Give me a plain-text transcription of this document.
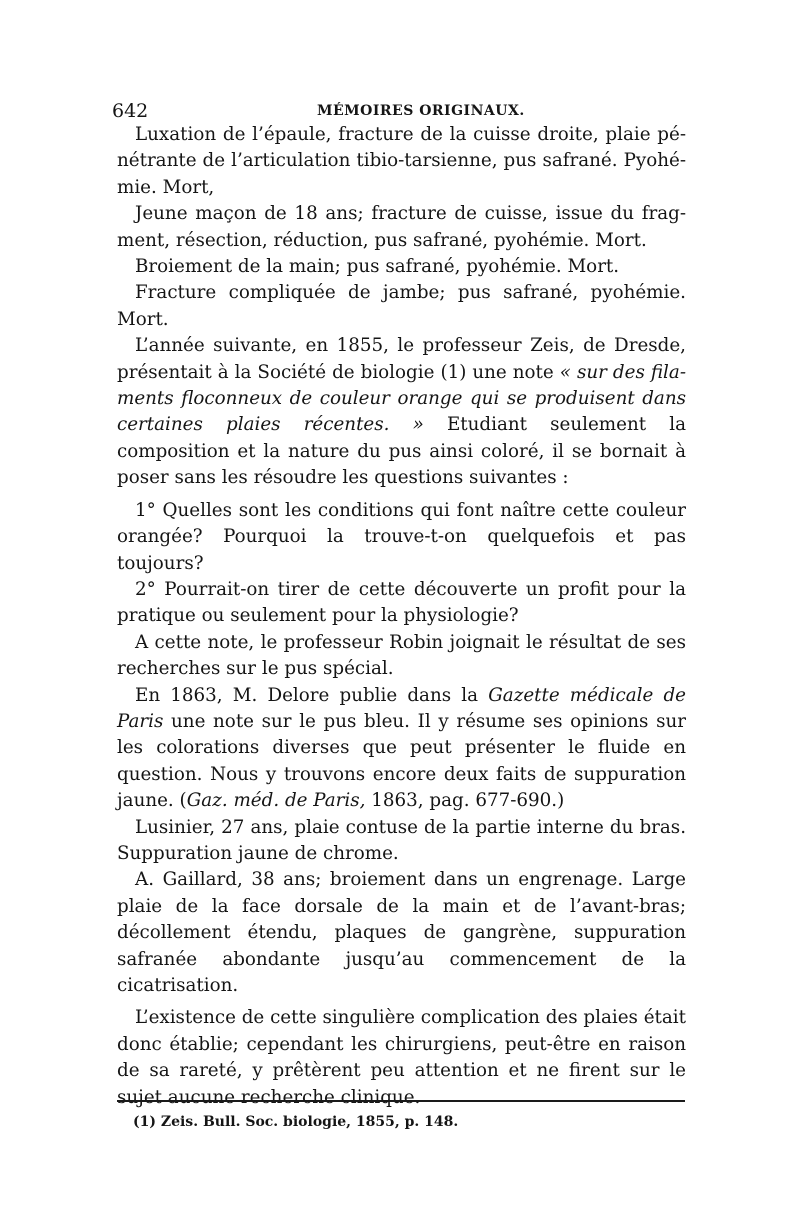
642	MÉMOIRES ORIGINAUX.

Luxation de l’épaule, fracture de la cuisse droite, plaie pénétrante de l’articulation tibio-tarsienne, pus safrané. Pyohémie. Mort,

Jeune maçon de 18 ans; fracture de cuisse, issue du fragment, résection, réduction, pus safrané, pyohémie. Mort.

Broiement de la main; pus safrané, pyohémie. Mort.

Fracture compliquée de jambe; pus safrané, pyohémie. Mort.

L’année suivante, en 1855, le professeur Zeis, de Dresde, présentait à la Société de biologie (1) une note « sur des filaments floconneux de couleur orange qui se produisent dans certaines plaies récentes. » Etudiant seulement la composition et la nature du pus ainsi coloré, il se bornait à poser sans les résoudre les questions suivantes :

1° Quelles sont les conditions qui font naître cette couleur orangée? Pourquoi la trouve-t-on quelquefois et pas toujours?

2° Pourrait-on tirer de cette découverte un profit pour la pratique ou seulement pour la physiologie?

A cette note, le professeur Robin joignait le résultat de ses recherches sur le pus spécial.

En 1863, M. Delore publie dans la Gazette médicale de Paris une note sur le pus bleu. Il y résume ses opinions sur les colorations diverses que peut présenter le fluide en question. Nous y trouvons encore deux faits de suppuration jaune. (Gaz. méd. de Paris, 1863, pag. 677-690.)

Lusinier, 27 ans, plaie contuse de la partie interne du bras. Suppuration jaune de chrome.

A. Gaillard, 38 ans; broiement dans un engrenage. Large plaie de la face dorsale de la main et de l’avant-bras; décollement étendu, plaques de gangrène, suppuration safranée abondante jusqu’au commencement de la cicatrisation.

L’existence de cette singulière complication des plaies était donc établie; cependant les chirurgiens, peut-être en raison de sa rareté, y prêtèrent peu attention et ne firent sur le sujet aucune recherche clinique.

(1) Zeis. Bull. Soc. biologie, 1855, p. 148.
